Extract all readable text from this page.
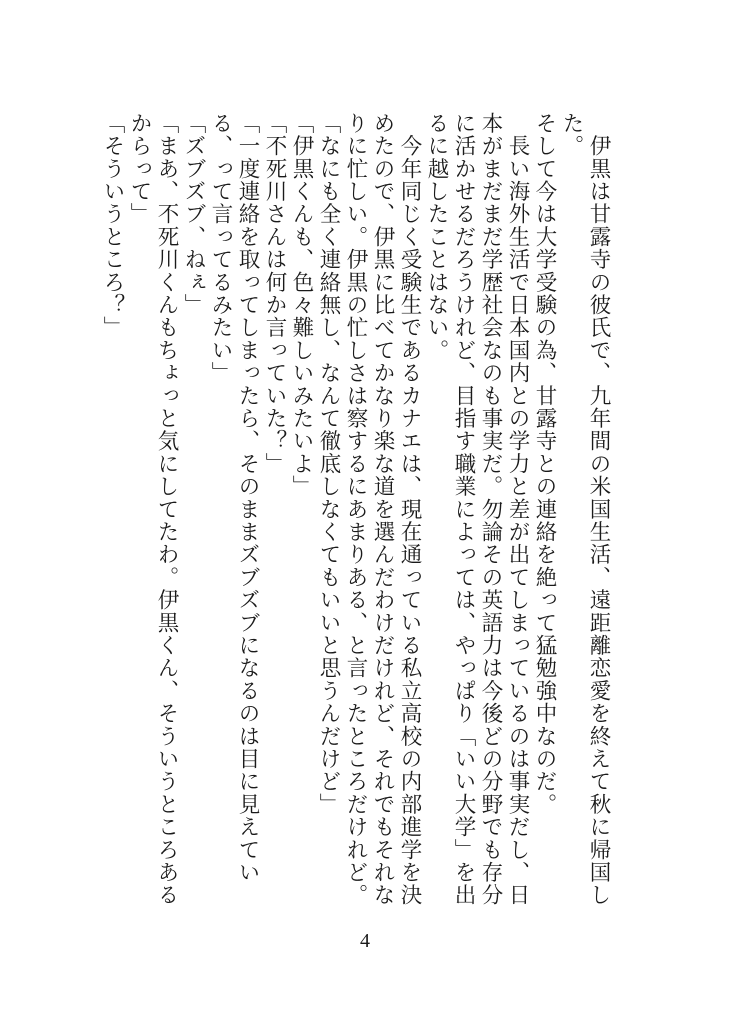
　伊黒は甘露寺の彼氏で、九年間の米国生活、遠距離恋愛を終えて秋に帰国した。

そして今は大学受験の為、甘露寺との連絡を絶って猛勉強中なのだ。

　長い海外生活で日本国内との学力と差が出てしまっているのは事実だし、日本がまだまだ学歴社会なのも事実だ。勿論その英語力は今後どの分野でも存分に活かせるだろうけれど、目指す職業によっては、やっぱり「いい大学」を出るに越したことはない。

　今年同じく受験生であるカナエは、現在通っている私立高校の内部進学を決めたので、伊黒に比べてかなり楽な道を選んだわけだけれど、それでもそれなりに忙しい。伊黒の忙しさは察するにあまりある、と言ったところだけれど。

「なにも全く連絡無し、なんて徹底しなくてもいいと思うんだけど」

「伊黒くんも、色々難しいみたいよ」

「不死川さんは何か言っていた？」

「一度連絡を取ってしまったら、そのままズブズブになるのは目に見えている、って言ってるみたい」

「ズブズブ、ねぇ」

「まあ、不死川くんもちょっと気にしてたわ。伊黒くん、そういうところあるからって」

「そういうところ？」

4
